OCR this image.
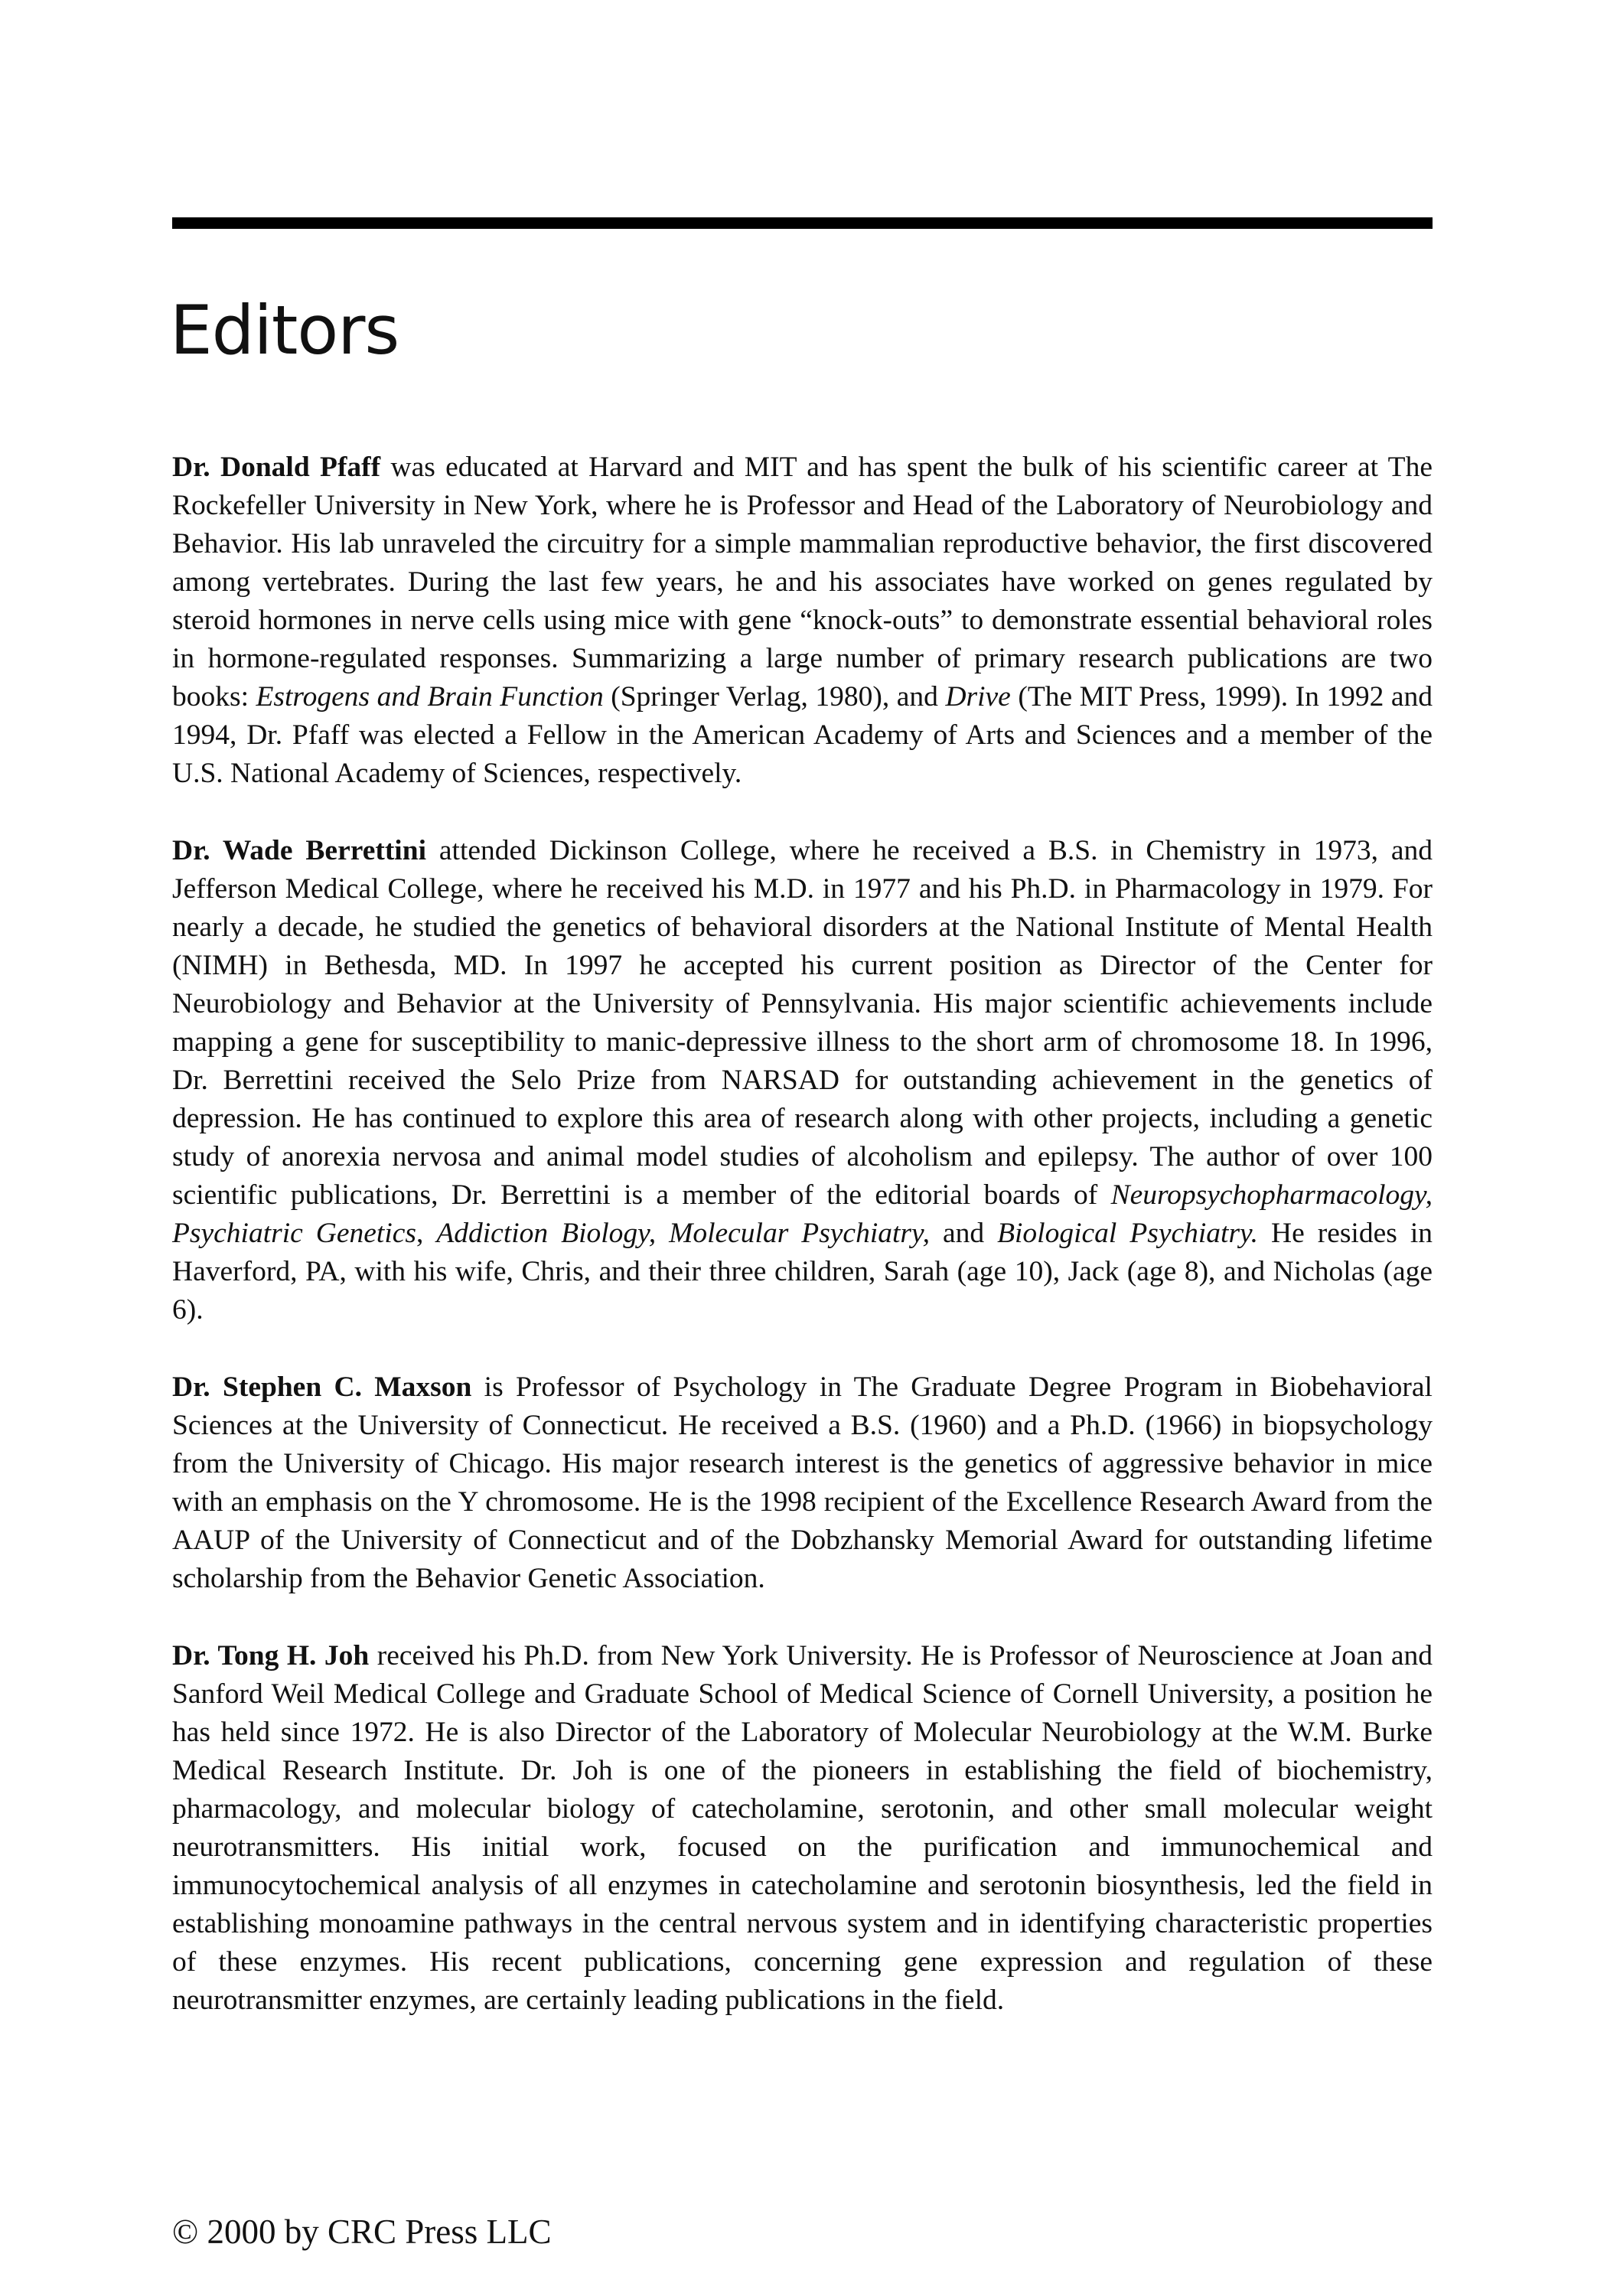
Editors

Dr. Donald Pfaff was educated at Harvard and MIT and has spent the bulk of his scientific career at The Rockefeller University in New York, where he is Professor and Head of the Laboratory of Neurobiology and Behavior. His lab unraveled the circuitry for a simple mammalian reproductive behavior, the first discovered among vertebrates. During the last few years, he and his associates have worked on genes regulated by steroid hormones in nerve cells using mice with gene “knock-outs” to demonstrate essential behavioral roles in hormone-regulated responses. Summarizing a large number of primary research publications are two books: Estrogens and Brain Function (Springer Verlag, 1980), and Drive (The MIT Press, 1999). In 1992 and 1994, Dr. Pfaff was elected a Fellow in the American Academy of Arts and Sciences and a member of the U.S. National Academy of Sciences, respectively.

Dr. Wade Berrettini attended Dickinson College, where he received a B.S. in Chemistry in 1973, and Jefferson Medical College, where he received his M.D. in 1977 and his Ph.D. in Pharmacology in 1979. For nearly a decade, he studied the genetics of behavioral disorders at the National Institute of Mental Health (NIMH) in Bethesda, MD. In 1997 he accepted his current position as Director of the Center for Neurobiology and Behavior at the University of Pennsylvania. His major scientific achievements include mapping a gene for susceptibility to manic-depressive illness to the short arm of chromosome 18. In 1996, Dr. Berrettini received the Selo Prize from NARSAD for outstanding achievement in the genetics of depression. He has continued to explore this area of research along with other projects, including a genetic study of anorexia nervosa and animal model studies of alcoholism and epilepsy. The author of over 100 scientific publications, Dr. Berrettini is a member of the editorial boards of Neuropsychopharmacology, Psychiatric Genetics, Addiction Biology, Molecular Psychiatry, and Biological Psychiatry. He resides in Haverford, PA, with his wife, Chris, and their three children, Sarah (age 10), Jack (age 8), and Nicholas (age 6).

Dr. Stephen C. Maxson is Professor of Psychology in The Graduate Degree Program in Biobehavioral Sciences at the University of Connecticut. He received a B.S. (1960) and a Ph.D. (1966) in biopsychology from the University of Chicago. His major research interest is the genetics of aggressive behavior in mice with an emphasis on the Y chromosome. He is the 1998 recipient of the Excellence Research Award from the AAUP of the University of Connecticut and of the Dobzhansky Memorial Award for outstanding lifetime scholarship from the Behavior Genetic Association.

Dr. Tong H. Joh received his Ph.D. from New York University. He is Professor of Neuroscience at Joan and Sanford Weil Medical College and Graduate School of Medical Science of Cornell University, a position he has held since 1972. He is also Director of the Laboratory of Molecular Neurobiology at the W.M. Burke Medical Research Institute. Dr. Joh is one of the pioneers in establishing the field of biochemistry, pharmacology, and molecular biology of catecholamine, serotonin, and other small molecular weight neurotransmitters. His initial work, focused on the purification and immunochemical and immunocytochemical analysis of all enzymes in catecholamine and serotonin biosynthesis, led the field in establishing monoamine pathways in the central nervous system and in identifying characteristic properties of these enzymes. His recent publications, concerning gene expression and regulation of these neurotransmitter enzymes, are certainly leading publications in the field.

© 2000 by CRC Press LLC
